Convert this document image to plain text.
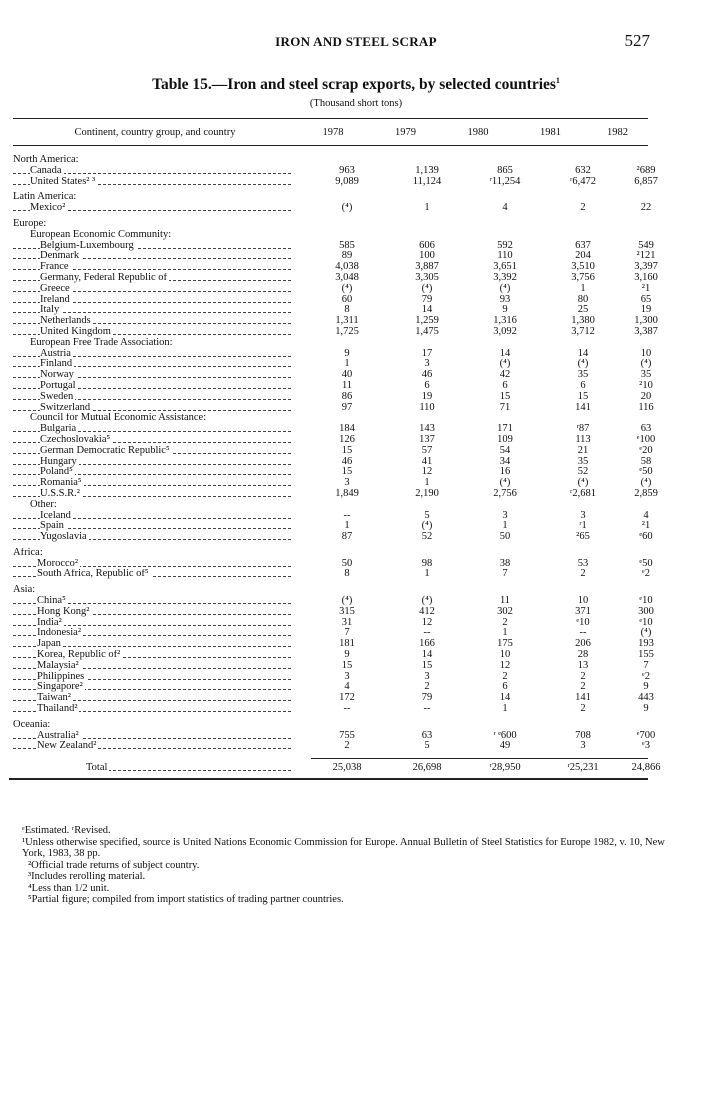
IRON AND STEEL SCRAP	527
Table 15.—Iron and steel scrap exports, by selected countries$^1$
(Thousand short tons)
Continent, country group, and country	1978	1979	1980	1981	1982
North America:
Canada	963	1,139	865	632	²689
United States² ³	9,089	11,124	ʳ11,254	ʳ6,472	6,857
Latin America:
Mexico²	(⁴)	1	4	2	22
Europe:
European Economic Community:
Belgium-Luxembourg	585	606	592	637	549
Denmark	89	100	110	204	²121
France	4,038	3,887	3,651	3,510	3,397
Germany, Federal Republic of	3,048	3,305	3,392	3,756	3,160
Greece	(⁴)	(⁴)	(⁴)	1	²1
Ireland	60	79	93	80	65
Italy	8	14	9	25	19
Netherlands	1,311	1,259	1,316	1,380	1,300
United Kingdom	1,725	1,475	3,092	3,712	3,387
European Free Trade Association:
Austria	9	17	14	14	10
Finland	1	3	(⁴)	(⁴)	(⁴)
Norway	40	46	42	35	35
Portugal	11	6	6	6	²10
Sweden	86	19	15	15	20
Switzerland	97	110	71	141	116
Council for Mutual Economic Assistance:
Bulgaria	184	143	171	ʳ87	63
Czechoslovakia⁵	126	137	109	113	ᵉ100
German Democratic Republic⁵	15	57	54	21	ᵉ20
Hungary	46	41	34	35	58
Poland⁵	15	12	16	52	ᵉ50
Romania⁵	3	1	(⁴)	(⁴)	(⁴)
U.S.S.R.²	1,849	2,190	2,756	ʳ2,681	2,859
Other:
Iceland	--	5	3	3	4
Spain	1	(⁴)	1	ʳ1	²1
Yugoslavia	87	52	50	²65	ᵉ60
Africa:
Morocco²	50	98	38	53	ᵉ50
South Africa, Republic of⁵	8	1	7	2	ᵉ2
Asia:
China⁵	(⁴)	(⁴)	11	10	ᵉ10
Hong Kong²	315	412	302	371	300
India²	31	12	2	ᵉ10	ᵉ10
Indonesia²	7	--	1	--	(⁴)
Japan	181	166	175	206	193
Korea, Republic of²	9	14	10	28	155
Malaysia²	15	15	12	13	7
Philippines	3	3	2	2	ᵉ2
Singapore²	4	2	6	2	9
Taiwan²	172	79	14	141	443
Thailand²	--	--	1	2	9
Oceania:
Australia²	755	63	ʳ ᵉ600	708	ᵉ700
New Zealand²	2	5	49	3	ᵉ3
Total	25,038	26,698	ʳ28,950	ʳ25,231	24,866
ᵉEstimated. ʳRevised.
¹Unless otherwise specified, source is United Nations Economic Commission for Europe. Annual Bulletin of Steel Statistics for Europe 1982, v. 10, New York, 1983, 38 pp.
²Official trade returns of subject country.
³Includes rerolling material.
⁴Less than 1/2 unit.
⁵Partial figure; compiled from import statistics of trading partner countries.
